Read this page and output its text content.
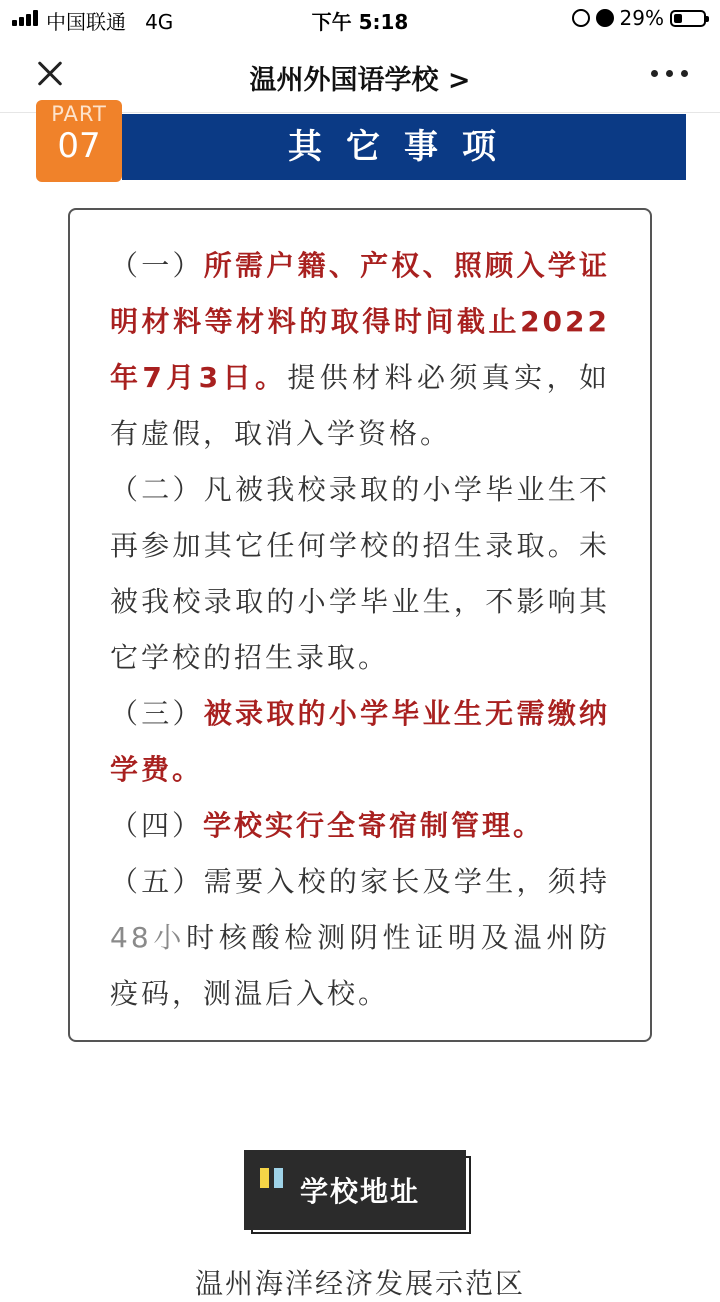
中国联通 4G	下午 5:18	29%
温州外国语学校 >
其它事项
PART
07

（一）所需户籍、产权、照顾入学证明材料等材料的取得时间截止2022年7月3日。提供材料必须真实，如有虚假，取消入学资格。

（二）凡被我校录取的小学毕业生不再参加其它任何学校的招生录取。未被我校录取的小学毕业生，不影响其它学校的招生录取。

（三）被录取的小学毕业生无需缴纳学费。

（四）学校实行全寄宿制管理。

（五）需要入校的家长及学生，须持48小时核酸检测阴性证明及温州防疫码，测温后入校。

学校地址
温州海洋经济发展示范区
